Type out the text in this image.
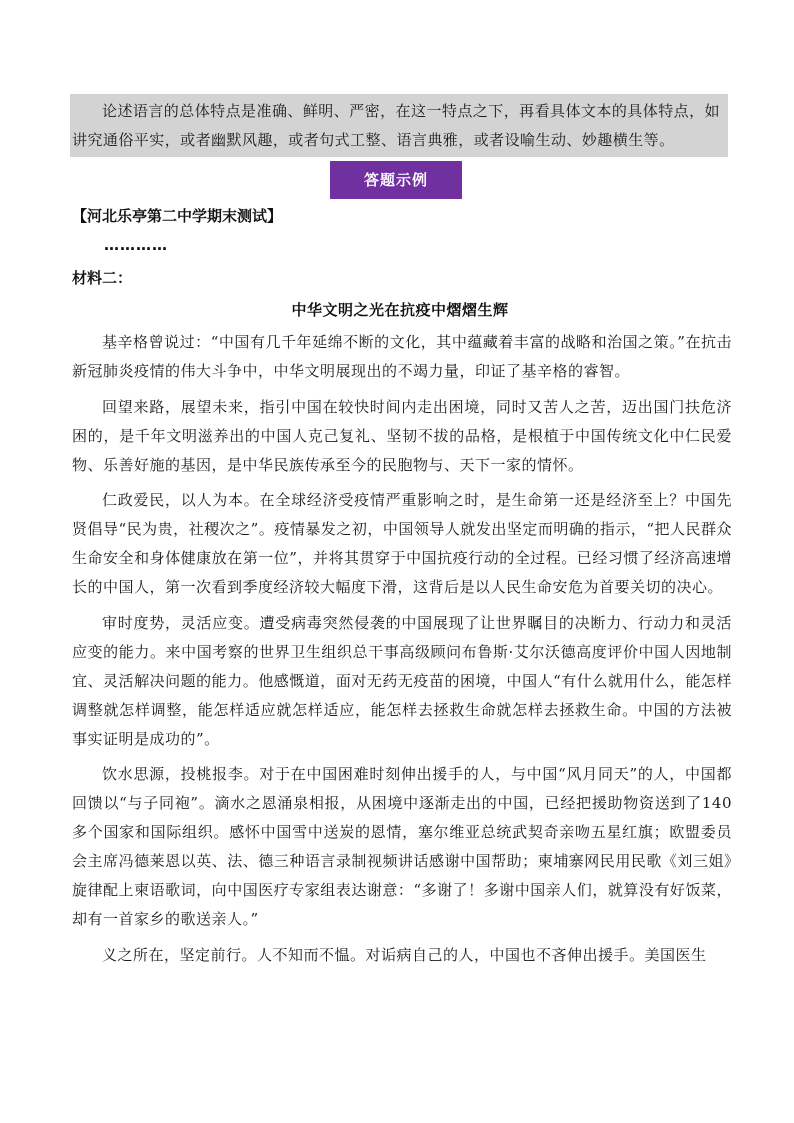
论述语言的总体特点是准确、鲜明、严密，在这一特点之下，再看具体文本的具体特点，如讲究通俗平实，或者幽默风趣，或者句式工整、语言典雅，或者设喻生动、妙趣横生等。

答题示例
【河北乐亭第二中学期末测试】
…………
材料二：
中华文明之光在抗疫中熠熠生辉

基辛格曾说过：“中国有几千年延绵不断的文化，其中蕴藏着丰富的战略和治国之策。”在抗击新冠肺炎疫情的伟大斗争中，中华文明展现出的不竭力量，印证了基辛格的睿智。

回望来路，展望未来，指引中国在较快时间内走出困境，同时又苦人之苦，迈出国门扶危济困的，是千年文明滋养出的中国人克己复礼、坚韧不拔的品格，是根植于中国传统文化中仁民爱物、乐善好施的基因，是中华民族传承至今的民胞物与、天下一家的情怀。

仁政爱民，以人为本。在全球经济受疫情严重影响之时，是生命第一还是经济至上？中国先贤倡导“民为贵，社稷次之”。疫情暴发之初，中国领导人就发出坚定而明确的指示，“把人民群众生命安全和身体健康放在第一位”，并将其贯穿于中国抗疫行动的全过程。已经习惯了经济高速增长的中国人，第一次看到季度经济较大幅度下滑，这背后是以人民生命安危为首要关切的决心。

审时度势，灵活应变。遭受病毒突然侵袭的中国展现了让世界瞩目的决断力、行动力和灵活应变的能力。来中国考察的世界卫生组织总干事高级顾问布鲁斯·艾尔沃德高度评价中国人因地制宜、灵活解决问题的能力。他感慨道，面对无药无疫苗的困境，中国人“有什么就用什么，能怎样调整就怎样调整，能怎样适应就怎样适应，能怎样去拯救生命就怎样去拯救生命。中国的方法被事实证明是成功的”。

饮水思源，投桃报李。对于在中国困难时刻伸出援手的人，与中国“风月同天”的人，中国都回馈以“与子同袍”。滴水之恩涌泉相报，从困境中逐渐走出的中国，已经把援助物资送到了140多个国家和国际组织。感怀中国雪中送炭的恩情，塞尔维亚总统武契奇亲吻五星红旗；欧盟委员会主席冯德莱恩以英、法、德三种语言录制视频讲话感谢中国帮助；柬埔寨网民用民歌《刘三姐》旋律配上柬语歌词，向中国医疗专家组表达谢意：“多谢了！多谢中国亲人们，就算没有好饭菜，却有一首家乡的歌送亲人。”

义之所在，坚定前行。人不知而不愠。对诟病自己的人，中国也不吝伸出援手。美国医生
